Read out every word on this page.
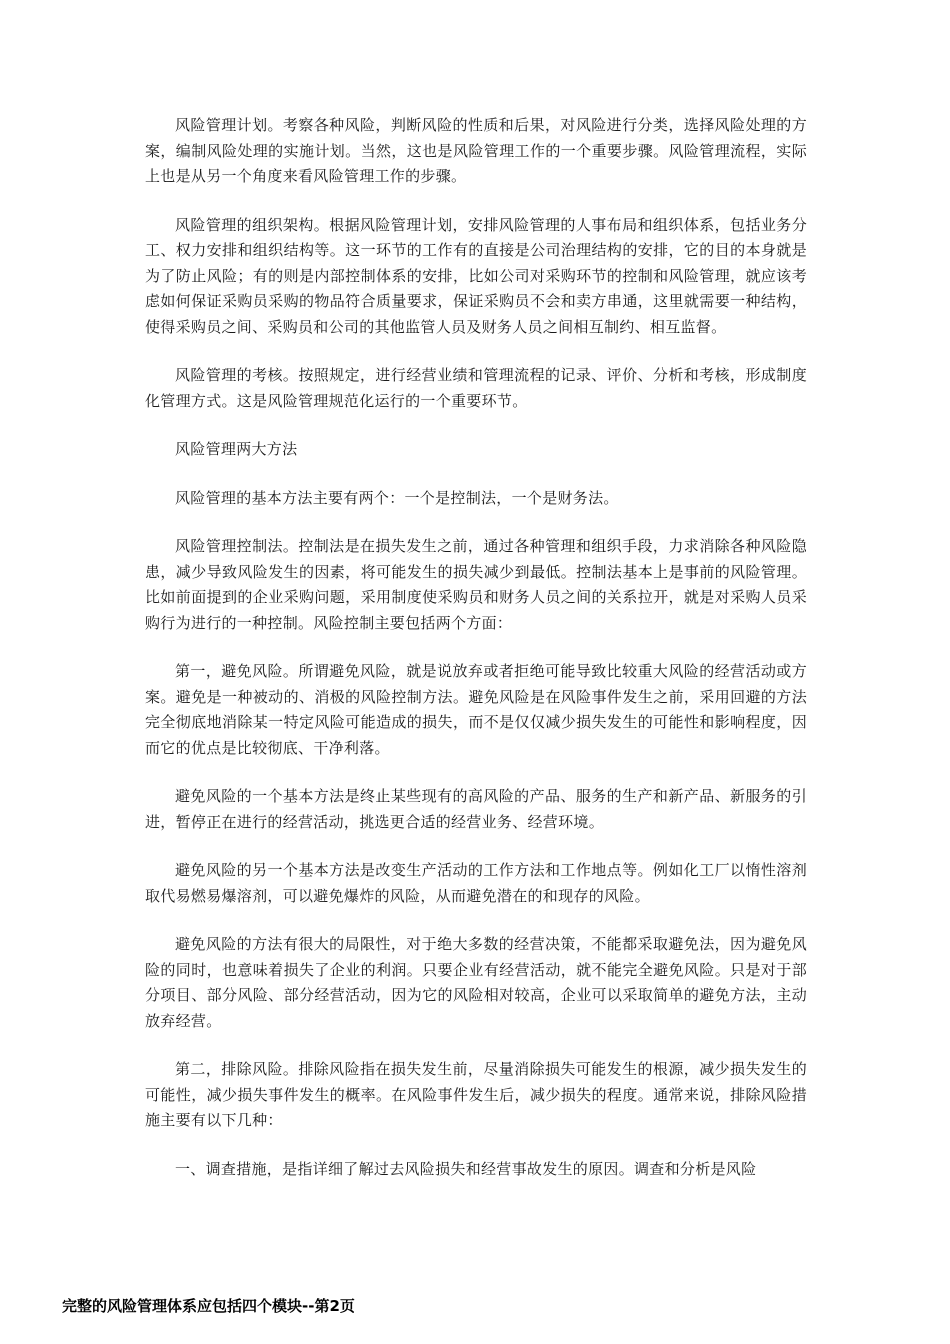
风险管理计划。考察各种风险，判断风险的性质和后果，对风险进行分类，选择风险处理的方案，编制风险处理的实施计划。当然，这也是风险管理工作的一个重要步骤。风险管理流程，实际上也是从另一个角度来看风险管理工作的步骤。

风险管理的组织架构。根据风险管理计划，安排风险管理的人事布局和组织体系，包括业务分工、权力安排和组织结构等。这一环节的工作有的直接是公司治理结构的安排，它的目的本身就是为了防止风险；有的则是内部控制体系的安排，比如公司对采购环节的控制和风险管理，就应该考虑如何保证采购员采购的物品符合质量要求，保证采购员不会和卖方串通，这里就需要一种结构，使得采购员之间、采购员和公司的其他监管人员及财务人员之间相互制约、相互监督。

风险管理的考核。按照规定，进行经营业绩和管理流程的记录、评价、分析和考核，形成制度化管理方式。这是风险管理规范化运行的一个重要环节。

风险管理两大方法

风险管理的基本方法主要有两个：一个是控制法，一个是财务法。

风险管理控制法。控制法是在损失发生之前，通过各种管理和组织手段，力求消除各种风险隐患，减少导致风险发生的因素，将可能发生的损失减少到最低。控制法基本上是事前的风险管理。比如前面提到的企业采购问题，采用制度使采购员和财务人员之间的关系拉开，就是对采购人员采购行为进行的一种控制。风险控制主要包括两个方面：

第一，避免风险。所谓避免风险，就是说放弃或者拒绝可能导致比较重大风险的经营活动或方案。避免是一种被动的、消极的风险控制方法。避免风险是在风险事件发生之前，采用回避的方法完全彻底地消除某一特定风险可能造成的损失，而不是仅仅减少损失发生的可能性和影响程度，因而它的优点是比较彻底、干净利落。

避免风险的一个基本方法是终止某些现有的高风险的产品、服务的生产和新产品、新服务的引进，暂停正在进行的经营活动，挑选更合适的经营业务、经营环境。

避免风险的另一个基本方法是改变生产活动的工作方法和工作地点等。例如化工厂以惰性溶剂取代易燃易爆溶剂，可以避免爆炸的风险，从而避免潜在的和现存的风险。

避免风险的方法有很大的局限性，对于绝大多数的经营决策，不能都采取避免法，因为避免风险的同时，也意味着损失了企业的利润。只要企业有经营活动，就不能完全避免风险。只是对于部分项目、部分风险、部分经营活动，因为它的风险相对较高，企业可以采取简单的避免方法，主动放弃经营。

第二，排除风险。排除风险指在损失发生前，尽量消除损失可能发生的根源，减少损失发生的可能性，减少损失事件发生的概率。在风险事件发生后，减少损失的程度。通常来说，排除风险措施主要有以下几种：

一、调查措施，是指详细了解过去风险损失和经营事故发生的原因。调查和分析是风险

完整的风险管理体系应包括四个模块--第2页
